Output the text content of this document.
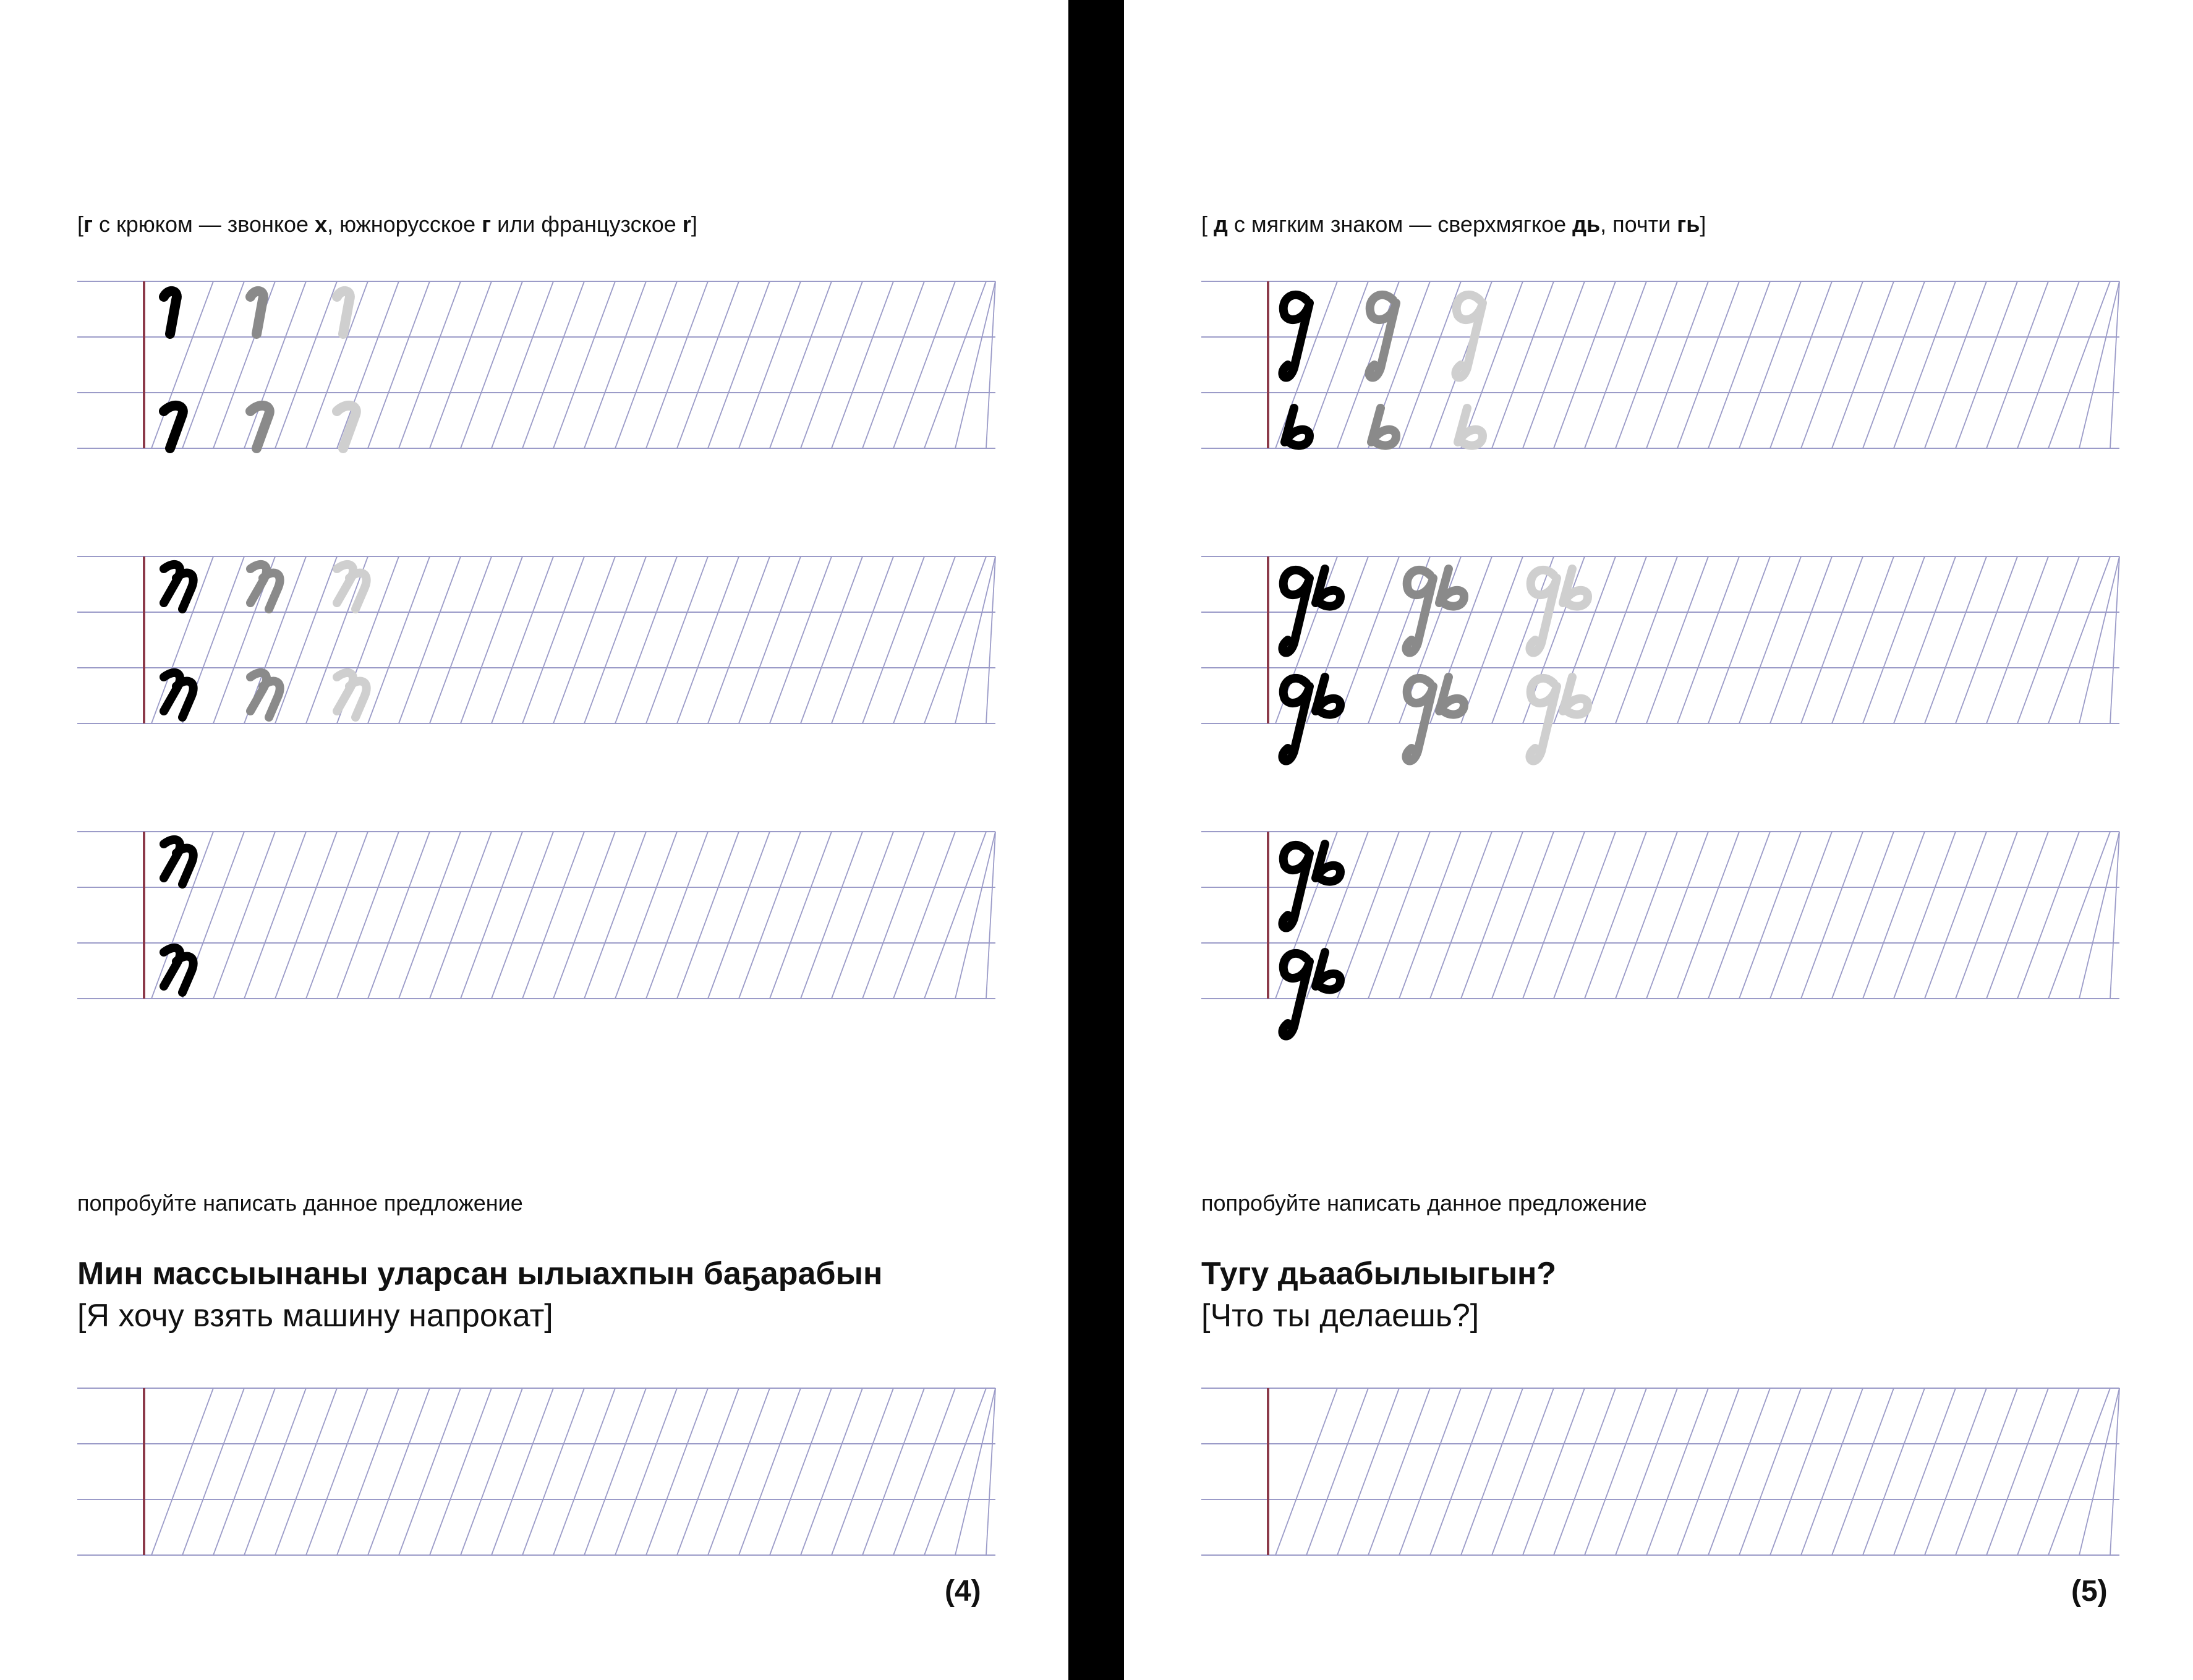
[г с крюком — звонкое х, южнорусское г или французское r]
попробуйте написать данное предложение
Мин массыынаны уларсан ылыахпын баҕарабын
[Я хочу взять машину напрокат]
(4)
[ д с мягким знаком — сверхмягкое дь, почти гь]
попробуйте написать данное предложение
Тугу дьаабылыыгын?
[Что ты делаешь?]
(5)
